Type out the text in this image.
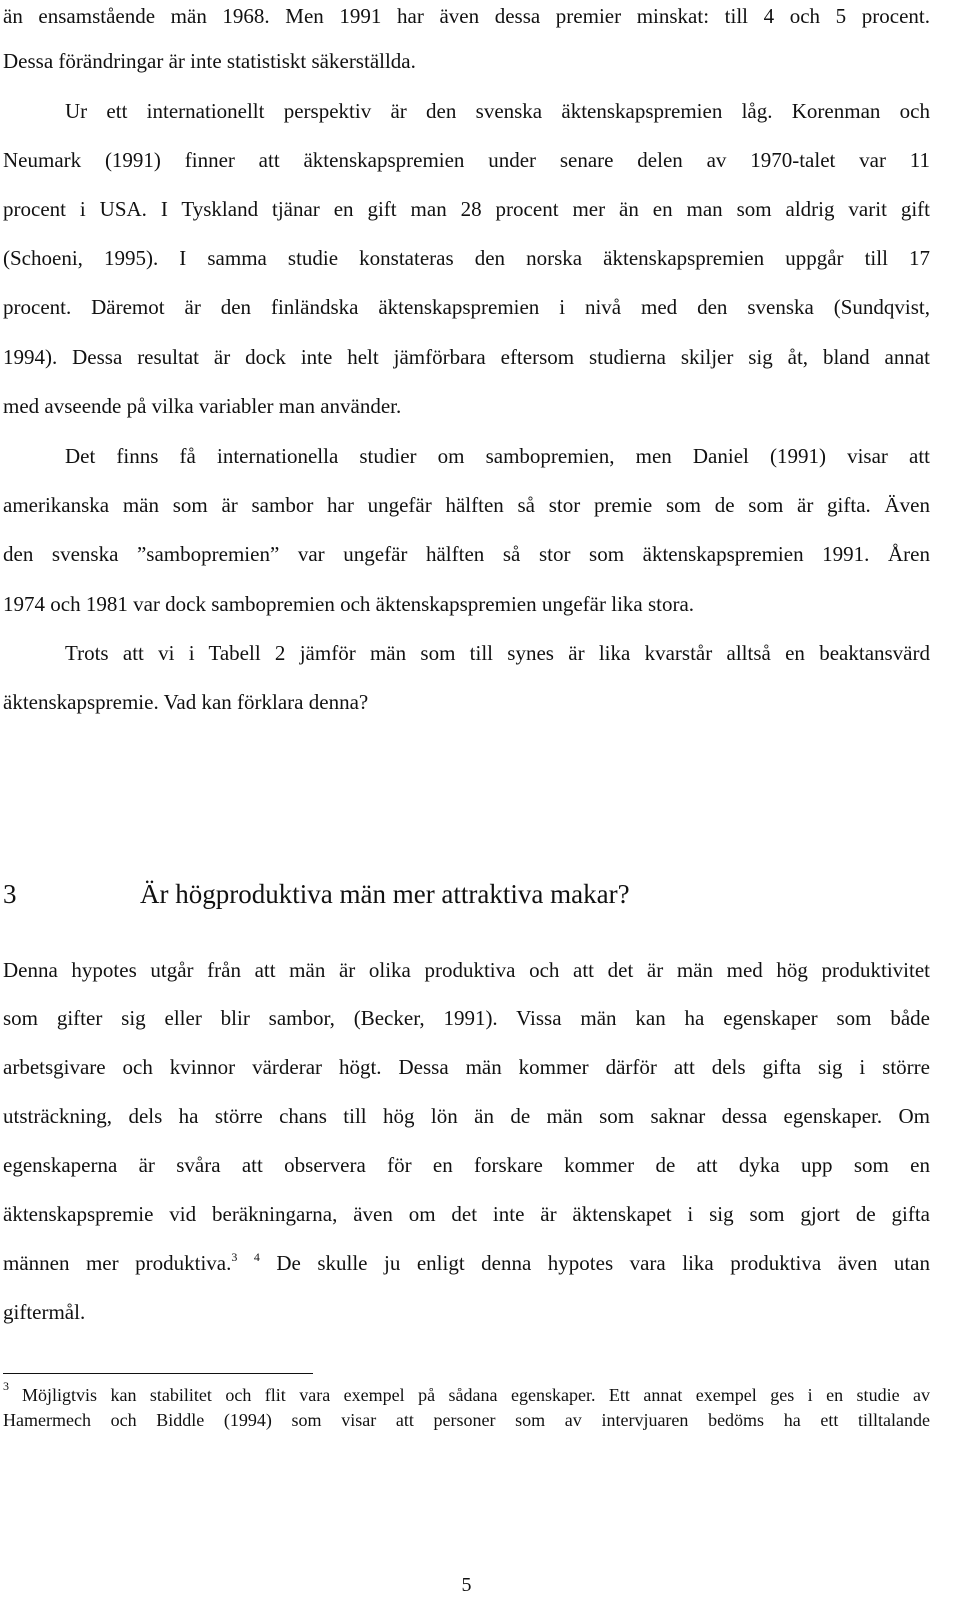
än ensamstående män 1968. Men 1991 har även dessa premier minskat: till 4 och 5 procent.
Dessa förändringar är inte statistiskt säkerställda.
Ur ett internationellt perspektiv är den svenska äktenskapspremien låg. Korenman och
Neumark (1991) finner att äktenskapspremien under senare delen av 1970-talet var 11
procent i USA. I Tyskland tjänar en gift man 28 procent mer än en man som aldrig varit gift
(Schoeni, 1995). I samma studie konstateras den norska äktenskapspremien uppgår till 17
procent. Däremot är den finländska äktenskapspremien i nivå med den svenska (Sundqvist,
1994). Dessa resultat är dock inte helt jämförbara eftersom studierna skiljer sig åt, bland annat
med avseende på vilka variabler man använder.
Det finns få internationella studier om sambopremien, men Daniel (1991) visar att
amerikanska män som är sambor har ungefär hälften så stor premie som de som är gifta. Även
den svenska ”sambopremien” var ungefär hälften så stor som äktenskapspremien 1991. Åren
1974 och 1981 var dock sambopremien och äktenskapspremien ungefär lika stora.
Trots att vi i Tabell 2 jämför män som till synes är lika kvarstår alltså en beaktansvärd
äktenskapspremie. Vad kan förklara denna?
3	Är högproduktiva män mer attraktiva makar?
Denna hypotes utgår från att män är olika produktiva och att det är män med hög produktivitet
som gifter sig eller blir sambor, (Becker, 1991). Vissa män kan ha egenskaper som både
arbetsgivare och kvinnor värderar högt. Dessa män kommer därför att dels gifta sig i större
utsträckning, dels ha större chans till hög lön än de män som saknar dessa egenskaper. Om
egenskaperna är svåra att observera för en forskare kommer de att dyka upp som en
äktenskapspremie vid beräkningarna, även om det inte är äktenskapet i sig som gjort de gifta
männen mer produktiva.$^3$ $^4$ De skulle ju enligt denna hypotes vara lika produktiva även utan
giftermål.
3 Möjligtvis kan stabilitet och flit vara exempel på sådana egenskaper. Ett annat exempel ges i en studie av
Hamermech och Biddle (1994) som visar att personer som av intervjuaren bedöms ha ett tilltalande
5
